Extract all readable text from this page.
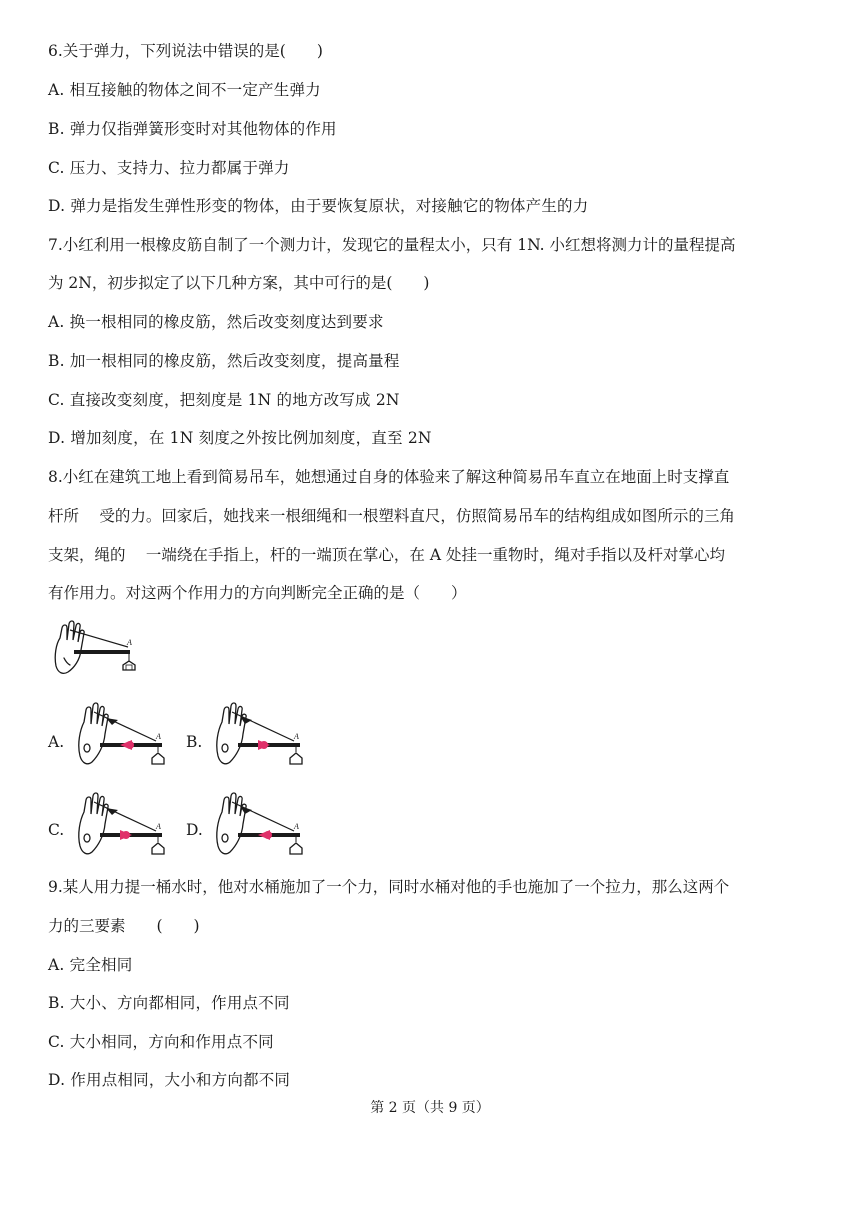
6.关于弹力，下列说法中错误的是(　　)
A. 相互接触的物体之间不一定产生弹力
B. 弹力仅指弹簧形变时对其他物体的作用
C. 压力、支持力、拉力都属于弹力
D. 弹力是指发生弹性形变的物体，由于要恢复原状，对接触它的物体产生的力
7.小红利用一根橡皮筋自制了一个测力计，发现它的量程太小，只有 1N. 小红想将测力计的量程提高
为 2N，初步拟定了以下几种方案，其中可行的是(　　)
A. 换一根相同的橡皮筋，然后改变刻度达到要求
B. 加一根相同的橡皮筋，然后改变刻度，提高量程
C. 直接改变刻度，把刻度是 1N 的地方改写成 2N
D. 增加刻度，在 1N 刻度之外按比例加刻度，直至 2N
8.小红在建筑工地上看到简易吊车，她想通过自身的体验来了解这种简易吊车直立在地面上时支撑直
杆所　 受的力。回家后，她找来一根细绳和一根塑料直尺，仿照简易吊车的结构组成如图所示的三角
支架，绳的　 一端绕在手指上，杆的一端顶在掌心，在 A 处挂一重物时，绳对手指以及杆对掌心均
有作用力。对这两个作用力的方向判断完全正确的是（　　）
A
A.	A B.	A
C.	A D.	A
9.某人用力提一桶水时，他对水桶施加了一个力，同时水桶对他的手也施加了一个拉力，那么这两个
力的三要素　　(　　)
A. 完全相同
B. 大小、方向都相同，作用点不同
C. 大小相同，方向和作用点不同
D. 作用点相同，大小和方向都不同
第 2 页（共 9 页）
